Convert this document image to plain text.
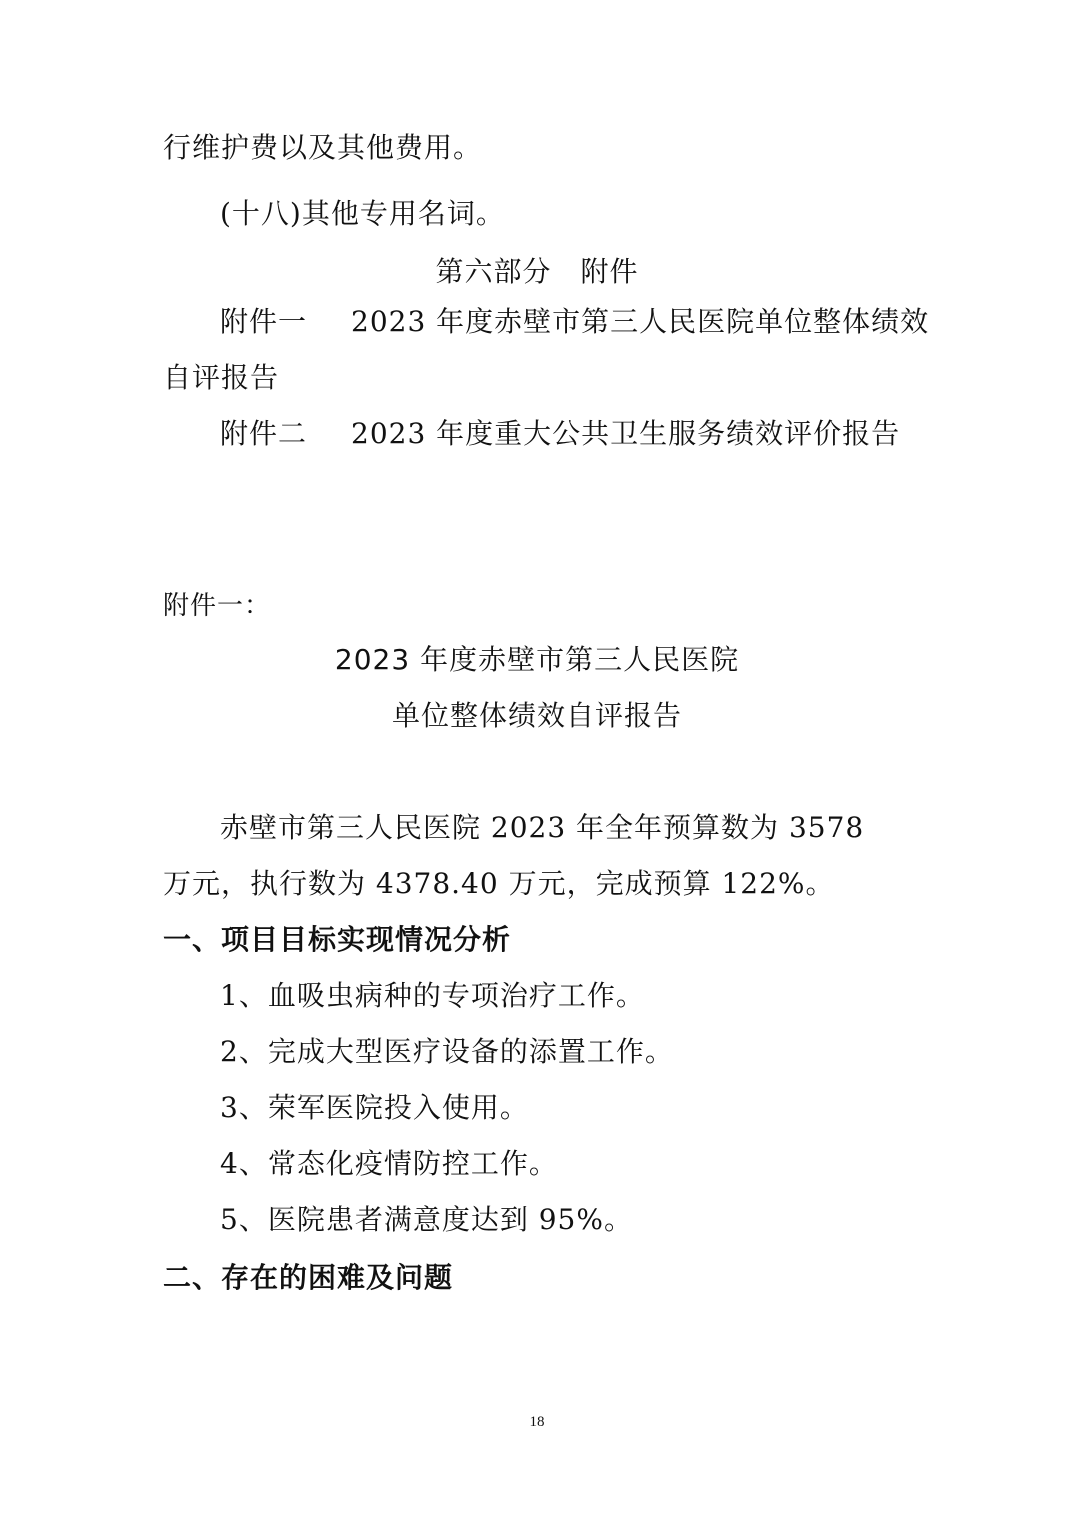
行维护费以及其他费用。
(十八)其他专用名词。
第六部分　附件
附件一 2023 年度赤壁市第三人民医院单位整体绩效
自评报告
附件二 2023 年度重大公共卫生服务绩效评价报告
附件一：
2023 年度赤壁市第三人民医院
单位整体绩效自评报告
赤壁市第三人民医院 2023 年全年预算数为 3578
万元，执行数为 4378.40 万元，完成预算 122%。
一、项目目标实现情况分析
1、血吸虫病种的专项治疗工作。
2、完成大型医疗设备的添置工作。
3、荣军医院投入使用。
4、常态化疫情防控工作。
5、医院患者满意度达到 95%。
二、存在的困难及问题
18
